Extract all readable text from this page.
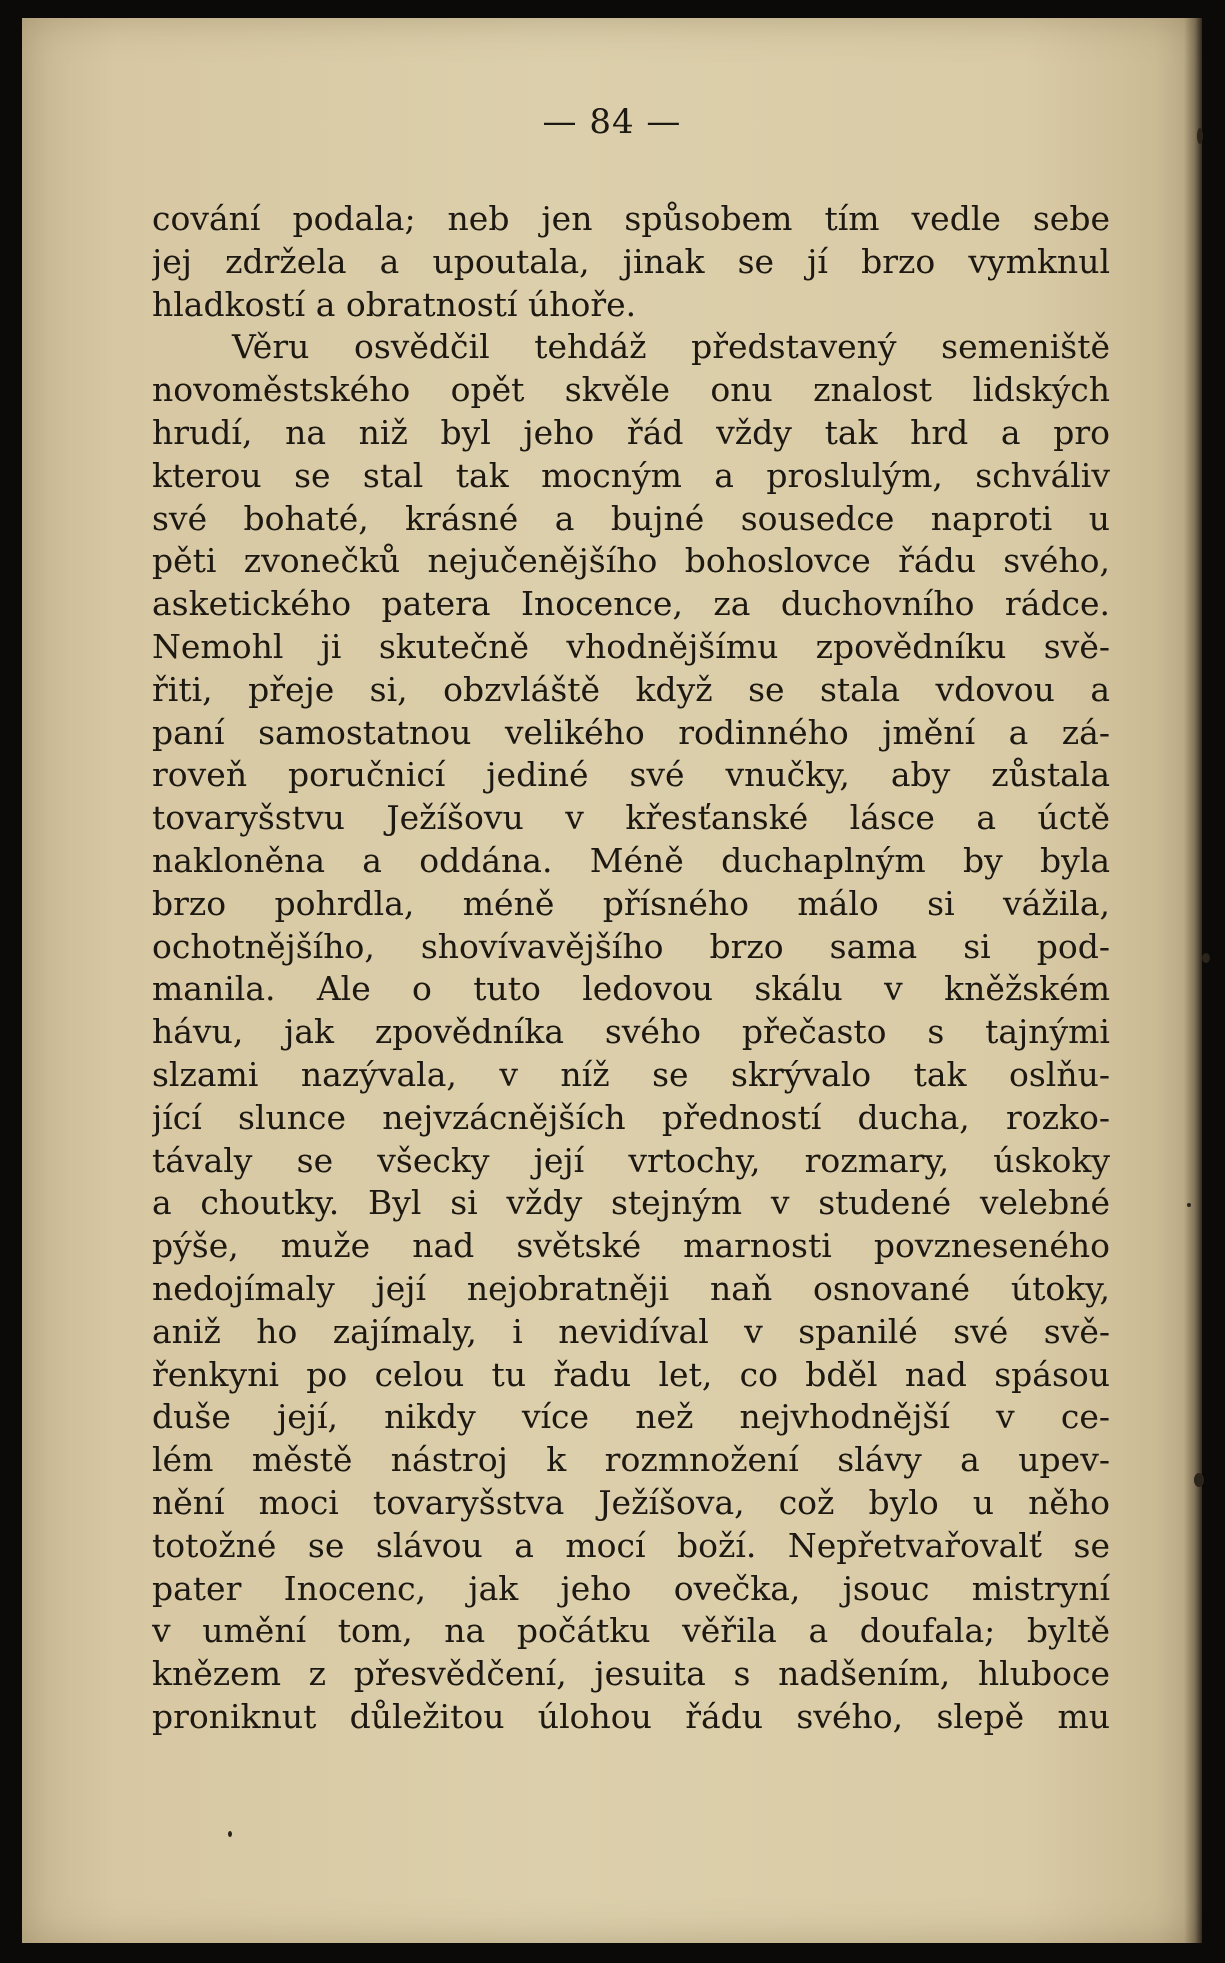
— 84 —
cování podala; neb jen spůsobem tím vedle sebe
jej zdržela a upoutala, jinak se jí brzo vymknul
hladkostí a obratností úhoře.
Věru osvědčil tehdáž představený semeniště
novoměstského opět skvěle onu znalost lidských
hrudí, na niž byl jeho řád vždy tak hrd a pro
kterou se stal tak mocným a proslulým, schváliv
své bohaté, krásné a bujné sousedce naproti u
pěti zvonečků nejučenějšího bohoslovce řádu svého,
asketického patera Inocence, za duchovního rádce.
Nemohl ji skutečně vhodnějšímu zpovědníku svě-
řiti, přeje si, obzvláště když se stala vdovou a
paní samostatnou velikého rodinného jmění a zá-
roveň poručnicí jediné své vnučky, aby zůstala
tovaryšstvu Ježíšovu v křesťanské lásce a úctě
nakloněna a oddána. Méně duchaplným by byla
brzo pohrdla, méně přísného málo si vážila,
ochotnějšího, shovívavějšího brzo sama si pod-
manila. Ale o tuto ledovou skálu v kněžském
hávu, jak zpovědníka svého přečasto s tajnými
slzami nazývala, v níž se skrývalo tak oslňu-
jící slunce nejvzácnějších předností ducha, rozko-
távaly se všecky její vrtochy, rozmary, úskoky
a choutky. Byl si vždy stejným v studené velebné
pýše, muže nad světské marnosti povzneseného
nedojímaly její nejobratněji naň osnované útoky,
aniž ho zajímaly, i nevidíval v spanilé své svě-
řenkyni po celou tu řadu let, co bděl nad spásou
duše její, nikdy více než nejvhodnější v ce-
lém městě nástroj k rozmnožení slávy a upev-
nění moci tovaryšstva Ježíšova, což bylo u něho
totožné se slávou a mocí boží. Nepřetvařovalť se
pater Inocenc, jak jeho ovečka, jsouc mistryní
v umění tom, na počátku věřila a doufala; byltě
knězem z přesvědčení, jesuita s nadšením, hluboce
proniknut důležitou úlohou řádu svého, slepě mu
